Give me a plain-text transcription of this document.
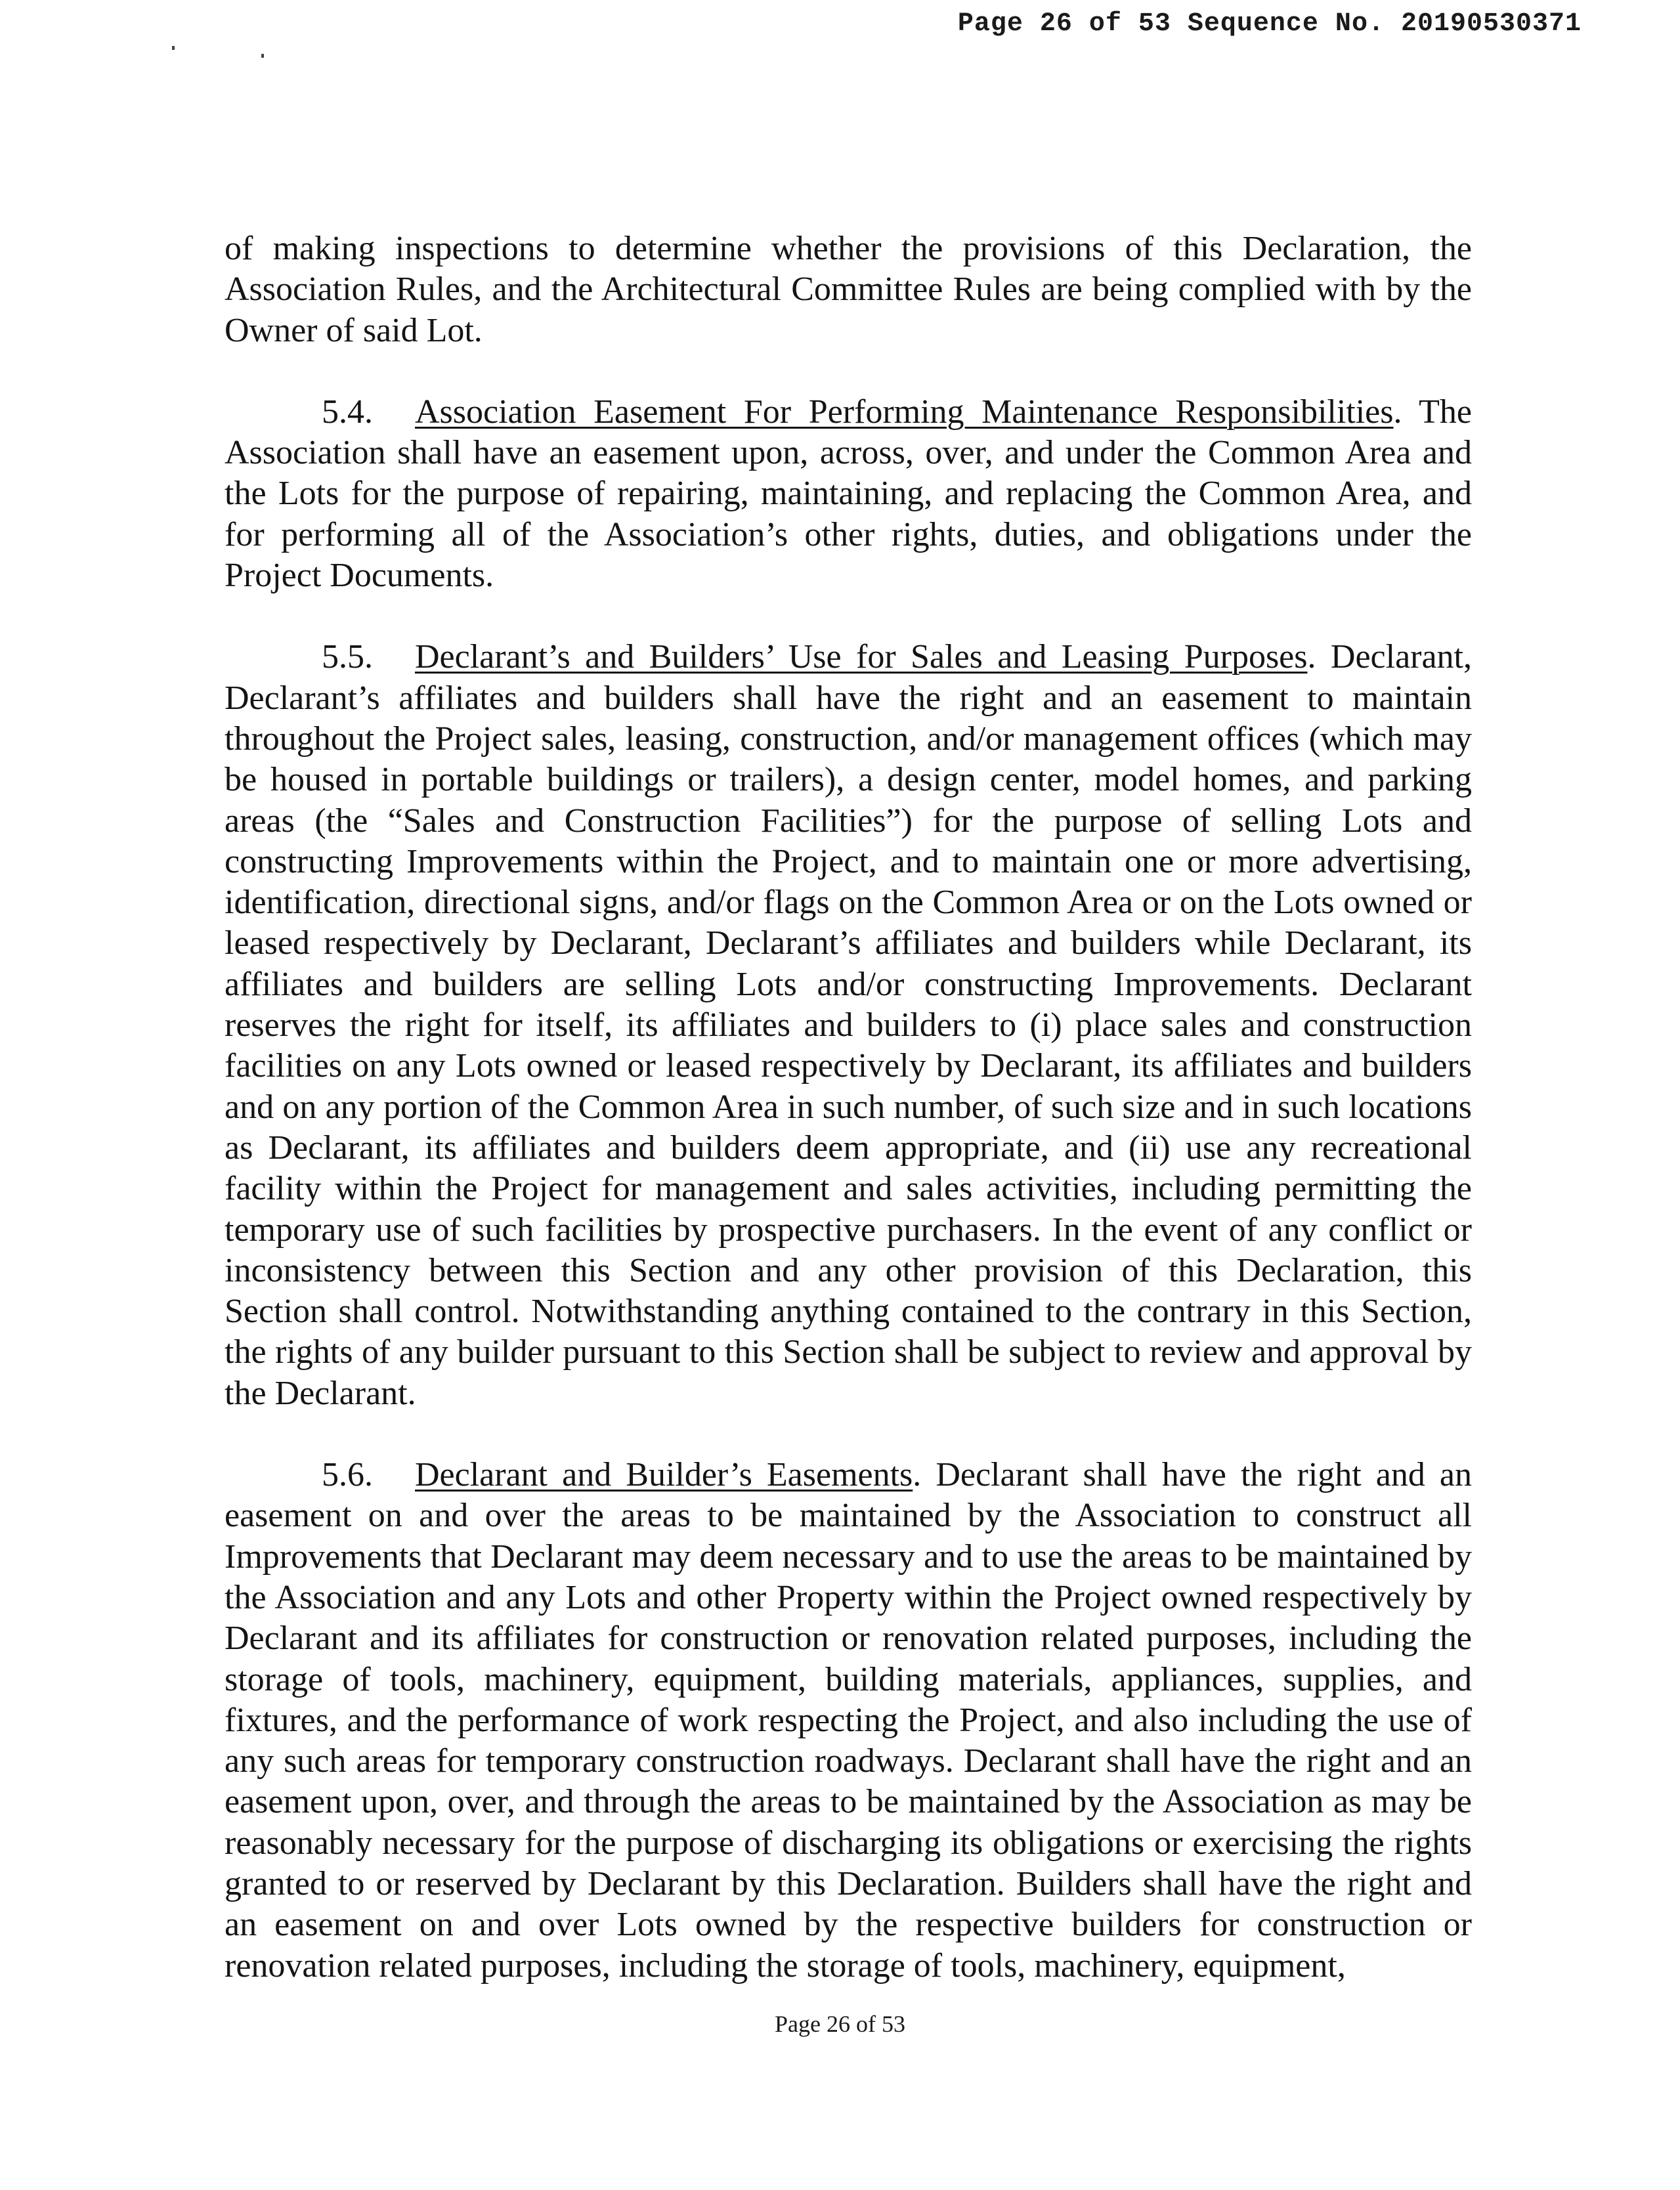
Page 26 of 53 Sequence No. 20190530371

of making inspections to determine whether the provisions of this Declaration, the Association Rules, and the Architectural Committee Rules are being complied with by the Owner of said Lot.

5.4. Association Easement For Performing Maintenance Responsibilities. The Association shall have an easement upon, across, over, and under the Common Area and the Lots for the purpose of repairing, maintaining, and replacing the Common Area, and for performing all of the Association’s other rights, duties, and obligations under the Project Documents.

5.5. Declarant’s and Builders’ Use for Sales and Leasing Purposes. Declarant, Declarant’s affiliates and builders shall have the right and an easement to maintain throughout the Project sales, leasing, construction, and/or management offices (which may be housed in portable buildings or trailers), a design center, model homes, and parking areas (the “Sales and Construction Facilities”) for the purpose of selling Lots and constructing Improvements within the Project, and to maintain one or more advertising, identification, directional signs, and/or flags on the Common Area or on the Lots owned or leased respectively by Declarant, Declarant’s affiliates and builders while Declarant, its affiliates and builders are selling Lots and/or constructing Improvements. Declarant reserves the right for itself, its affiliates and builders to (i) place sales and construction facilities on any Lots owned or leased respectively by Declarant, its affiliates and builders and on any portion of the Common Area in such number, of such size and in such locations as Declarant, its affiliates and builders deem appropriate, and (ii) use any recreational facility within the Project for management and sales activities, including permitting the temporary use of such facilities by prospective purchasers. In the event of any conflict or inconsistency between this Section and any other provision of this Declaration, this Section shall control. Notwithstanding anything contained to the contrary in this Section, the rights of any builder pursuant to this Section shall be subject to review and approval by the Declarant.

5.6. Declarant and Builder’s Easements. Declarant shall have the right and an easement on and over the areas to be maintained by the Association to construct all Improvements that Declarant may deem necessary and to use the areas to be maintained by the Association and any Lots and other Property within the Project owned respectively by Declarant and its affiliates for construction or renovation related purposes, including the storage of tools, machinery, equipment, building materials, appliances, supplies, and fixtures, and the performance of work respecting the Project, and also including the use of any such areas for temporary construction roadways. Declarant shall have the right and an easement upon, over, and through the areas to be maintained by the Association as may be reasonably necessary for the purpose of discharging its obligations or exercising the rights granted to or reserved by Declarant by this Declaration. Builders shall have the right and an easement on and over Lots owned by the respective builders for construction or renovation related purposes, including the storage of tools, machinery, equipment,

Page 26 of 53
